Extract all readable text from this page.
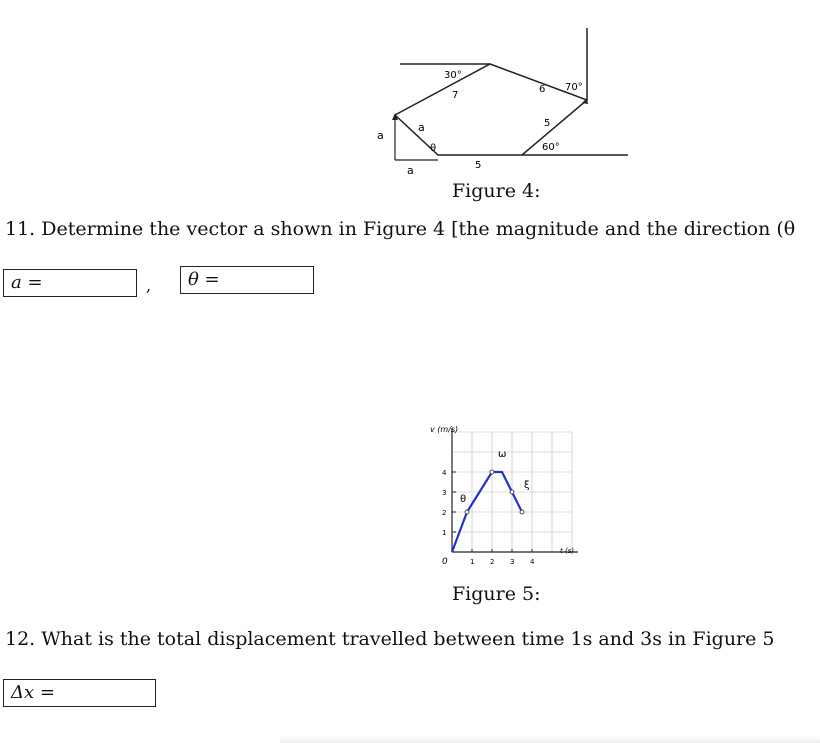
30°
7
6 70°
5
60°
5
a
a
a
θ
Figure 4:
11. Determine the vector a shown in Figure 4 [the magnitude and the direction (θ
a =	, θ =
0	1 2 3 4
1
2
3
4
v (m/s)
t (s)
θ
ω
ξ
Figure 5:
12. What is the total displacement travelled between time 1s and 3s in Figure 5
Δx =
